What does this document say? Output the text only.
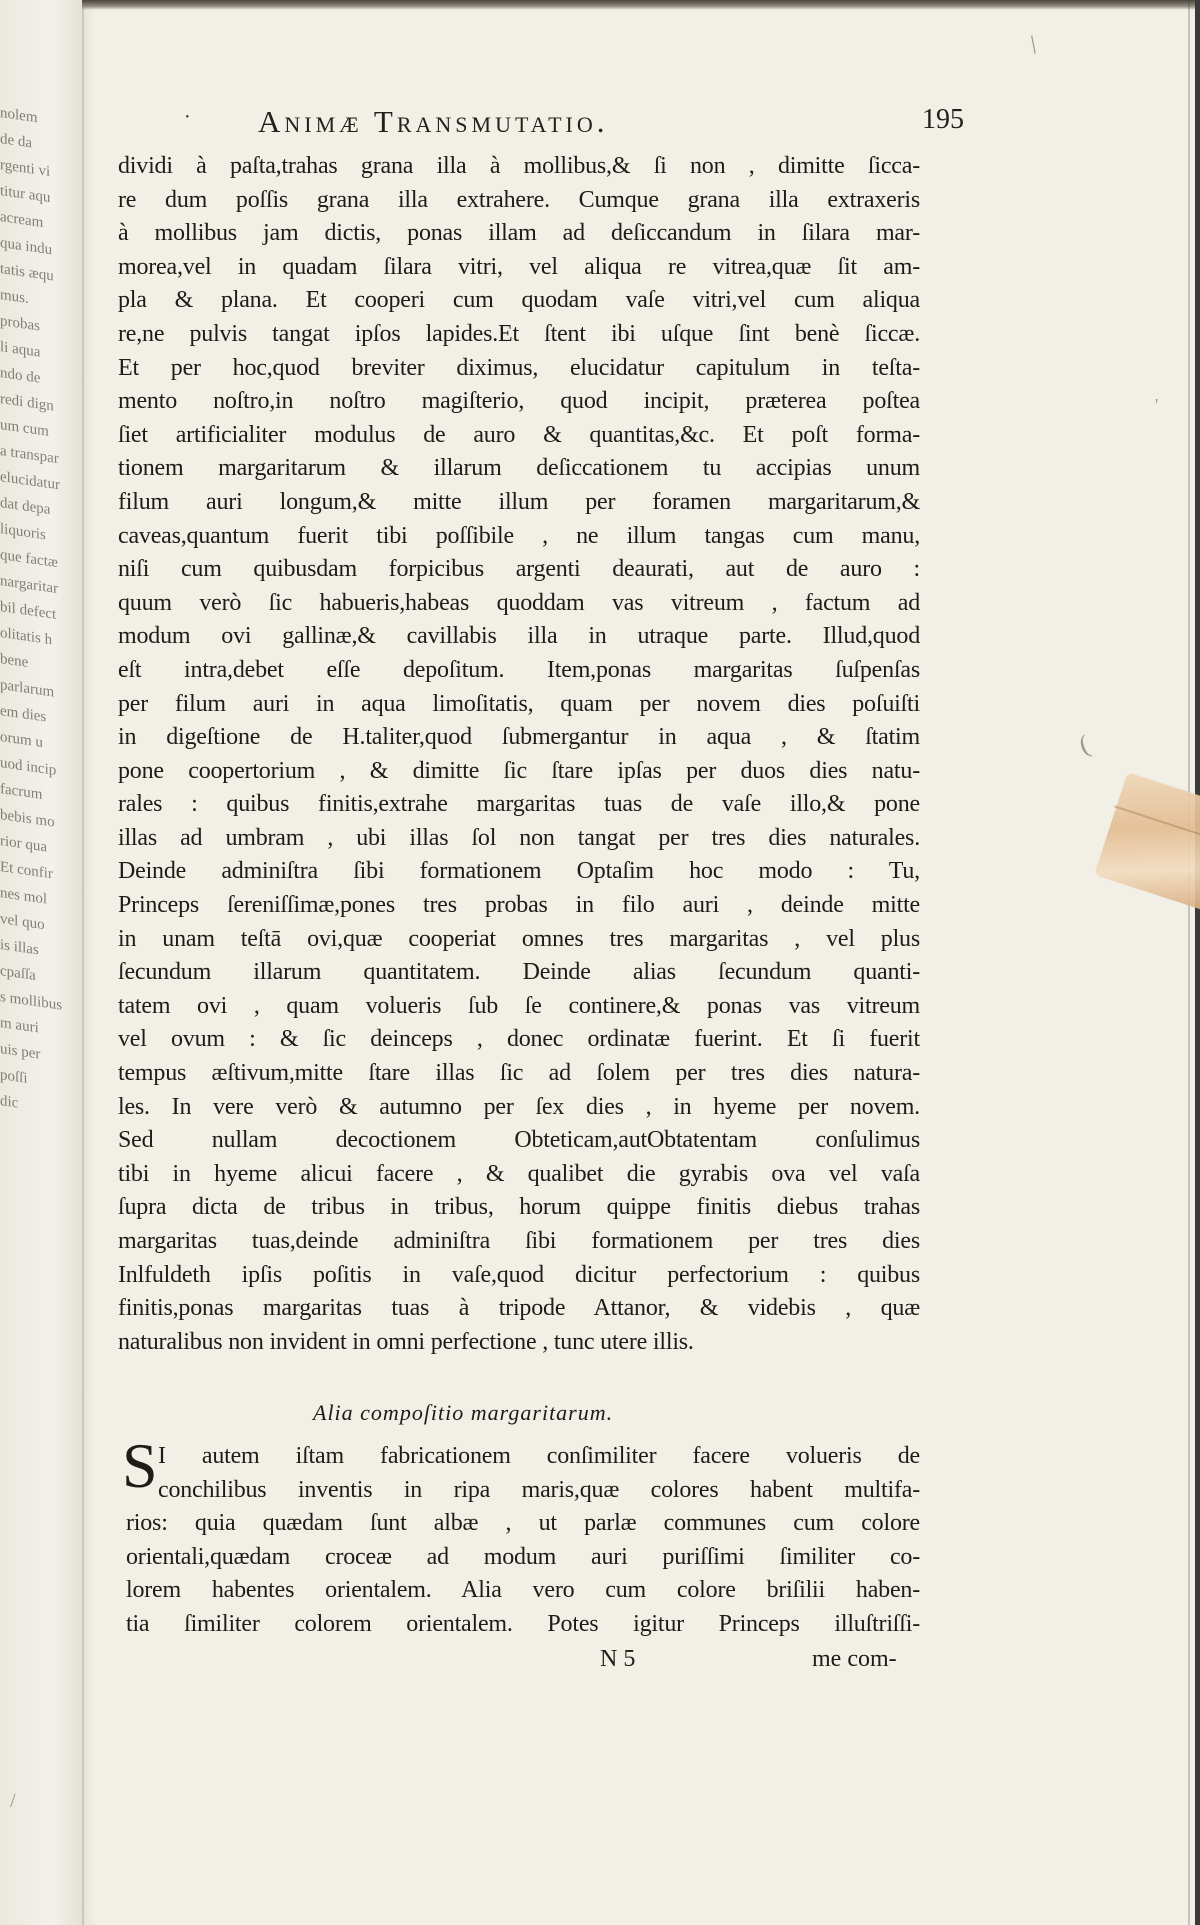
nolem
de da
rgenti vi
titur aqu
acream
qua indu
tatis æqu
mus.
probas
li aqua
ndo de
redi dign
um cum
a transpar
elucidatur
dat depa
liquoris
que factæ
nargaritar
bil defect
olitatis h
bene
parlarum
em dies
orum u
uod incip
facrum
bebis mo
rior qua
Et confir
nes mol
vel quo
is illas
cpaſſa
s mollibus
m auri
uis per
poſſi
dic
· Animæ Transmutatio.	195
dividi à paſta,trahas grana illa à mollibus,& ſi non , dimitte ſicca-
re dum poſſis grana illa extrahere. Cumque grana illa extraxeris
à mollibus jam dictis, ponas illam ad deſiccandum in ſilara mar-
morea,vel in quadam ſilara vitri, vel aliqua re vitrea,quæ ſit am-
pla & plana. Et cooperi cum quodam vaſe vitri,vel cum aliqua
re,ne pulvis tangat ipſos lapides.Et ſtent ibi uſque ſint benè ſiccæ.
Et per hoc,quod breviter diximus, elucidatur capitulum in teſta-
mento noſtro,in noſtro magiſterio, quod incipit, præterea poſtea
ſiet artificialiter modulus de auro & quantitas,&c. Et poſt forma-
tionem margaritarum & illarum deſiccationem tu accipias unum
filum auri longum,& mitte illum per foramen margaritarum,&
caveas,quantum fuerit tibi poſſibile , ne illum tangas cum manu,
niſi cum quibusdam forpicibus argenti deaurati, aut de auro :
quum verò ſic habueris,habeas quoddam vas vitreum , factum ad
modum ovi gallinæ,& cavillabis illa in utraque parte. Illud,quod
eſt intra,debet eſſe depoſitum. Item,ponas margaritas ſuſpenſas
per filum auri in aqua limoſitatis, quam per novem dies poſuiſti
in digeſtione de H.taliter,quod ſubmergantur in aqua , & ſtatim
pone coopertorium , & dimitte ſic ſtare ipſas per duos dies natu-
rales : quibus finitis,extrahe margaritas tuas de vaſe illo,& pone
illas ad umbram , ubi illas ſol non tangat per tres dies naturales.
Deinde adminiſtra ſibi formationem Optaſim hoc modo : Tu,
Princeps ſereniſſimæ,pones tres probas in filo auri , deinde mitte
in unam teſtā ovi,quæ cooperiat omnes tres margaritas , vel plus
ſecundum illarum quantitatem. Deinde alias ſecundum quanti-
tatem ovi , quam volueris ſub ſe continere,& ponas vas vitreum
vel ovum : & ſic deinceps , donec ordinatæ fuerint. Et ſi fuerit
tempus æſtivum,mitte ſtare illas ſic ad ſolem per tres dies natura-
les. In vere verò & autumno per ſex dies , in hyeme per novem.
Sed nullam decoctionem Obteticam,autObtatentam conſulimus
tibi in hyeme alicui facere , & qualibet die gyrabis ova vel vaſa
ſupra dicta de tribus in tribus, horum quippe finitis diebus trahas
margaritas tuas,deinde adminiſtra ſibi formationem per tres dies
Inlfuldeth ipſis poſitis in vaſe,quod dicitur perfectorium : quibus
finitis,ponas margaritas tuas à tripode Attanor, & videbis , quæ
naturalibus non invident in omni perfectione , tunc utere illis.
Alia compoſitio margaritarum.
S I autem iſtam fabricationem conſimiliter facere volueris de
conchilibus inventis in ripa maris,quæ colores habent multifa-
rios: quia quædam ſunt albæ , ut parlæ communes cum colore
orientali,quædam croceæ ad modum auri puriſſimi ſimiliter co-
lorem habentes orientalem. Alia vero cum colore briſilii haben-
tia ſimiliter colorem orientalem. Potes igitur Princeps illuſtriſſi-
N 5	me com-
/
(
'
/
